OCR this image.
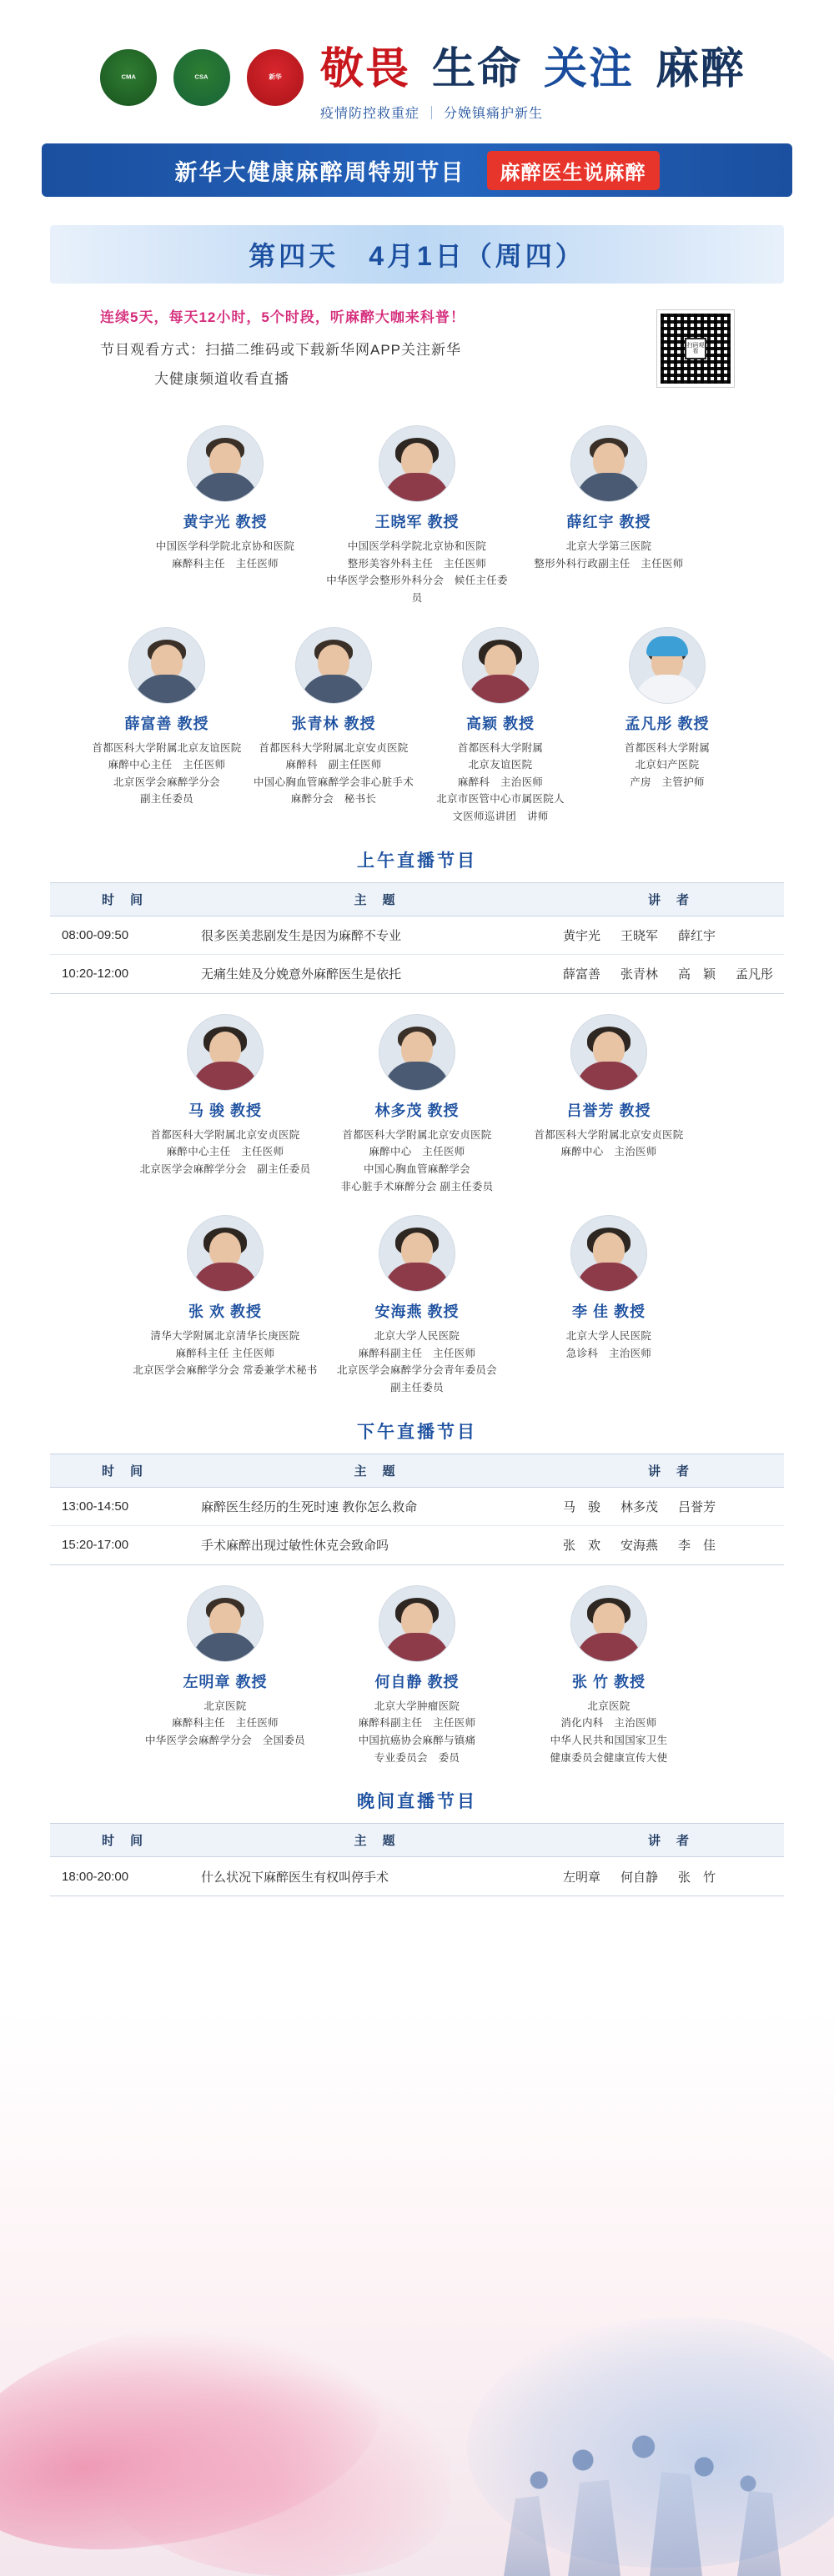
CMA	CSA	新华 敬畏 生命 关注 麻醉
疫情防控救重症 分娩镇痛护新生
新华大健康麻醉周特别节目	麻醉医生说麻醉
第四天　4月1日（周四）
连续5天，每天12小时，5个时段，听麻醉大咖来科普！
节目观看方式：扫描二维码或下载新华网APP关注新华
大健康频道收看直播
扫码观看
黄宇光 教授
中国医学科学院北京协和医院
麻醉科主任　主任医师
王晓军 教授
中国医学科学院北京协和医院
整形美容外科主任　主任医师
中华医学会整形外科分会　候任主任委员
薛红宇 教授
北京大学第三医院
整形外科行政副主任　主任医师
薛富善 教授
首都医科大学附属北京友谊医院
麻醉中心主任　主任医师
北京医学会麻醉学分会
副主任委员
张青林 教授
首都医科大学附属北京安贞医院
麻醉科　副主任医师
中国心胸血管麻醉学会非心脏手术
麻醉分会　秘书长
高颖 教授
首都医科大学附属
北京友谊医院
麻醉科　主治医师
北京市医管中心市属医院人
文医师巡讲团　讲师
孟凡彤 教授
首都医科大学附属
北京妇产医院
产房　主管护师
上午直播节目
时　间	主　题	讲　者
08:00-09:50	很多医美悲剧发生是因为麻醉不专业	黄宇光 王晓军 薛红宇
10:20-12:00	无痛生娃及分娩意外麻醉医生是依托	薛富善 张青林 高　颖 孟凡彤
马 骏 教授
首都医科大学附属北京安贞医院
麻醉中心主任　主任医师
北京医学会麻醉学分会　副主任委员
林多茂 教授
首都医科大学附属北京安贞医院
麻醉中心　主任医师
中国心胸血管麻醉学会
非心脏手术麻醉分会 副主任委员
吕誉芳 教授
首都医科大学附属北京安贞医院
麻醉中心　主治医师
张 欢 教授
清华大学附属北京清华长庚医院
麻醉科主任 主任医师
北京医学会麻醉学分会 常委兼学术秘书
安海燕 教授
北京大学人民医院
麻醉科副主任　主任医师
北京医学会麻醉学分会青年委员会
副主任委员
李 佳 教授
北京大学人民医院
急诊科　主治医师
下午直播节目
时　间	主　题	讲　者
13:00-14:50	麻醉医生经历的生死时速 教你怎么救命	马　骏 林多茂 吕誉芳
15:20-17:00	手术麻醉出现过敏性休克会致命吗	张　欢 安海燕 李　佳
左明章 教授
北京医院
麻醉科主任　主任医师
中华医学会麻醉学分会　全国委员
何自静 教授
北京大学肿瘤医院
麻醉科副主任　主任医师
中国抗癌协会麻醉与镇痛
专业委员会　委员
张 竹 教授
北京医院
消化内科　主治医师
中华人民共和国国家卫生
健康委员会健康宣传大使
晚间直播节目
时　间	主　题	讲　者
18:00-20:00	什么状况下麻醉医生有权叫停手术	左明章 何自静 张　竹
